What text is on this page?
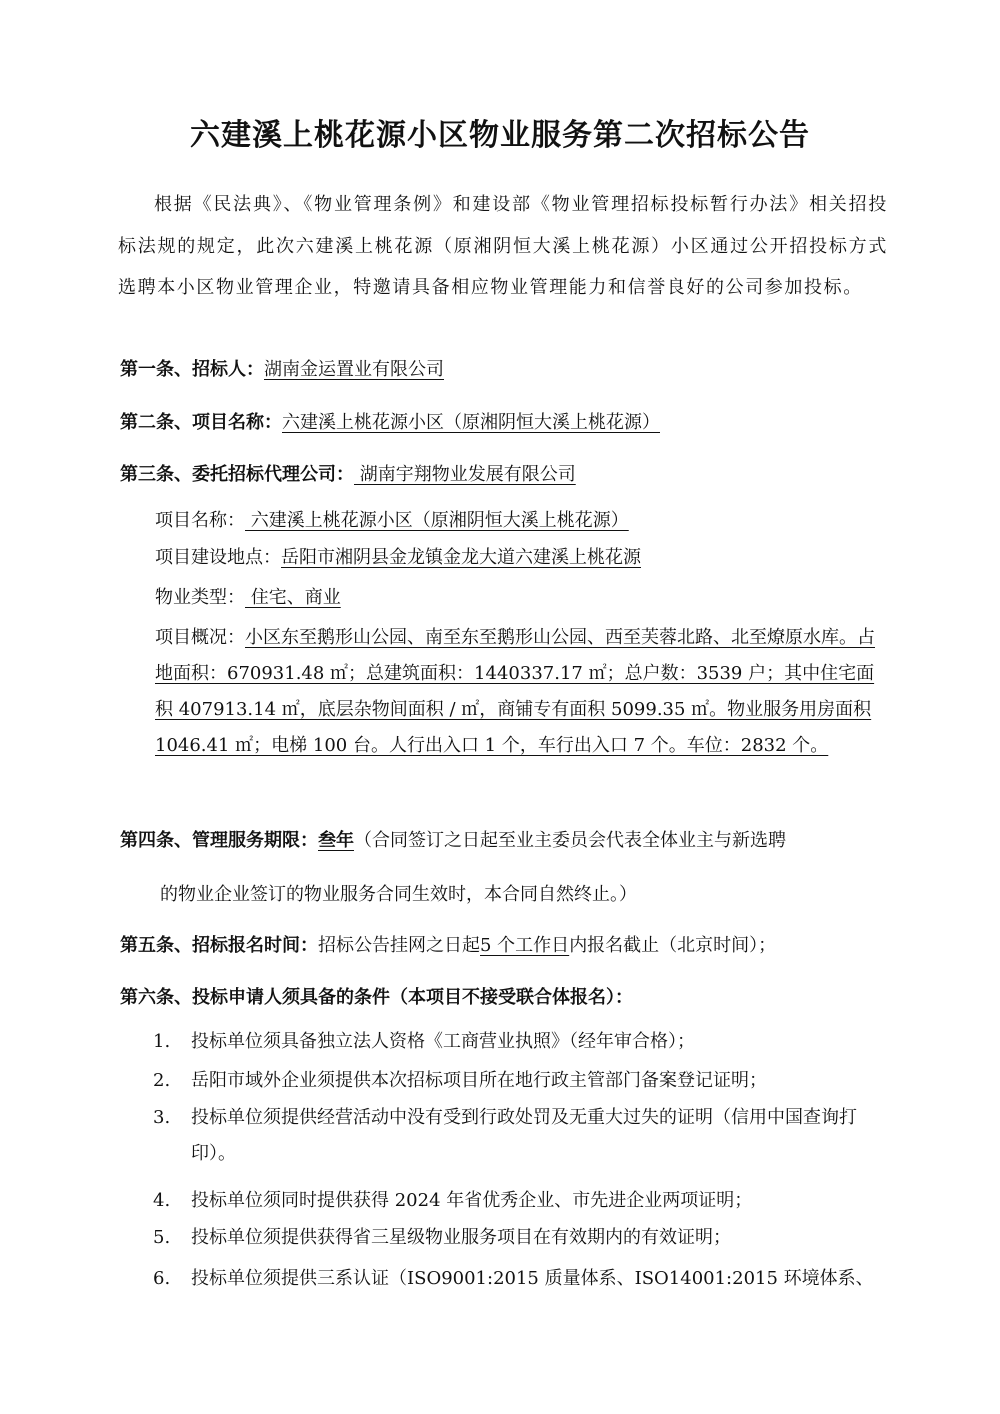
六建溪上桃花源小区物业服务第二次招标公告
根据《民法典》、《物业管理条例》和建设部《物业管理招标投标暂行办法》相关招投标法规的规定，此次六建溪上桃花源（原湘阴恒大溪上桃花源）小区通过公开招投标方式选聘本小区物业管理企业，特邀请具备相应物业管理能力和信誉良好的公司参加投标。
第一条、招标人：湖南金运置业有限公司
第二条、项目名称：六建溪上桃花源小区（原湘阴恒大溪上桃花源）
第三条、委托招标代理公司： 湖南宇翔物业发展有限公司
项目名称： 六建溪上桃花源小区（原湘阴恒大溪上桃花源）
项目建设地点：岳阳市湘阴县金龙镇金龙大道六建溪上桃花源
物业类型： 住宅、商业
项目概况：小区东至鹅形山公园、南至东至鹅形山公园、西至芙蓉北路、北至燎原水库。占地面积：670931.48 ㎡；总建筑面积：1440337.17 ㎡；总户数：3539 户；其中住宅面积 407913.14 ㎡，底层杂物间面积 / ㎡，商铺专有面积 5099.35 ㎡。物业服务用房面积 1046.41 ㎡；电梯 100 台。人行出入口 1 个，车行出入口 7 个。车位：2832 个。
第四条、管理服务期限：叁年（合同签订之日起至业主委员会代表全体业主与新选聘
的物业企业签订的物业服务合同生效时，本合同自然终止。）
第五条、招标报名时间：招标公告挂网之日起5 个工作日内报名截止（北京时间）；
第六条、投标申请人须具备的条件（本项目不接受联合体报名）：
1. 投标单位须具备独立法人资格《工商营业执照》（经年审合格）；
2. 岳阳市域外企业须提供本次招标项目所在地行政主管部门备案登记证明；
3. 投标单位须提供经营活动中没有受到行政处罚及无重大过失的证明（信用中国查询打印）。
4. 投标单位须同时提供获得 2024 年省优秀企业、市先进企业两项证明；
5. 投标单位须提供获得省三星级物业服务项目在有效期内的有效证明；
6. 投标单位须提供三系认证（ISO9001:2015 质量体系、ISO14001:2015 环境体系、
